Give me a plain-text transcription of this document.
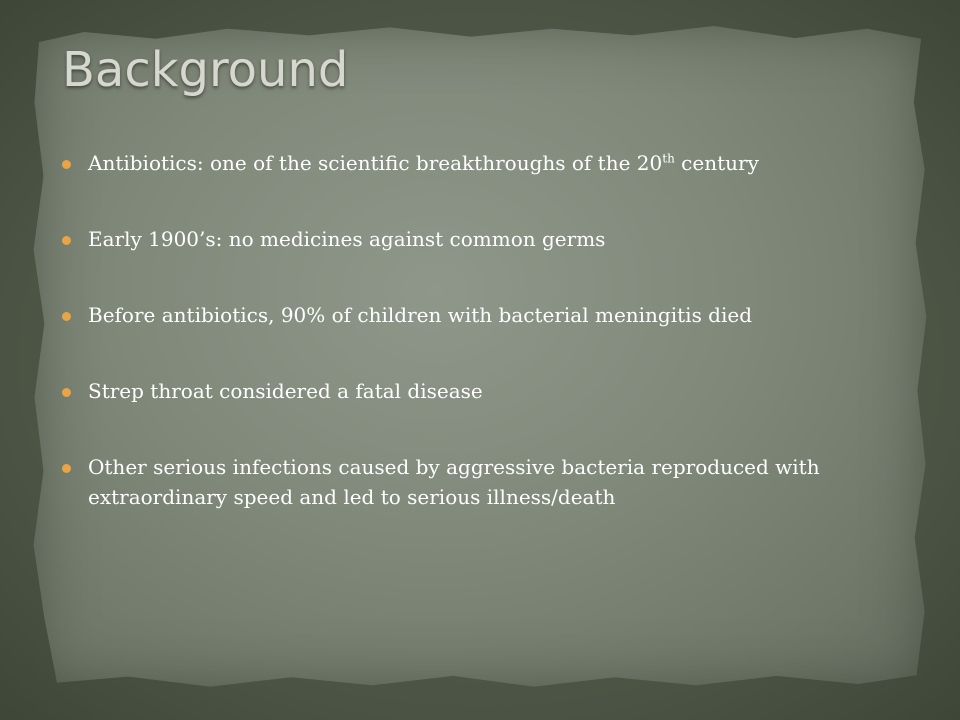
Background
Antibiotics: one of the scientific breakthroughs of the 20th century
Early 1900’s: no medicines against common germs
Before antibiotics, 90% of children with bacterial meningitis died
Strep throat considered a fatal disease
Other serious infections caused by aggressive bacteria reproduced with extraordinary speed and led to serious illness/death
